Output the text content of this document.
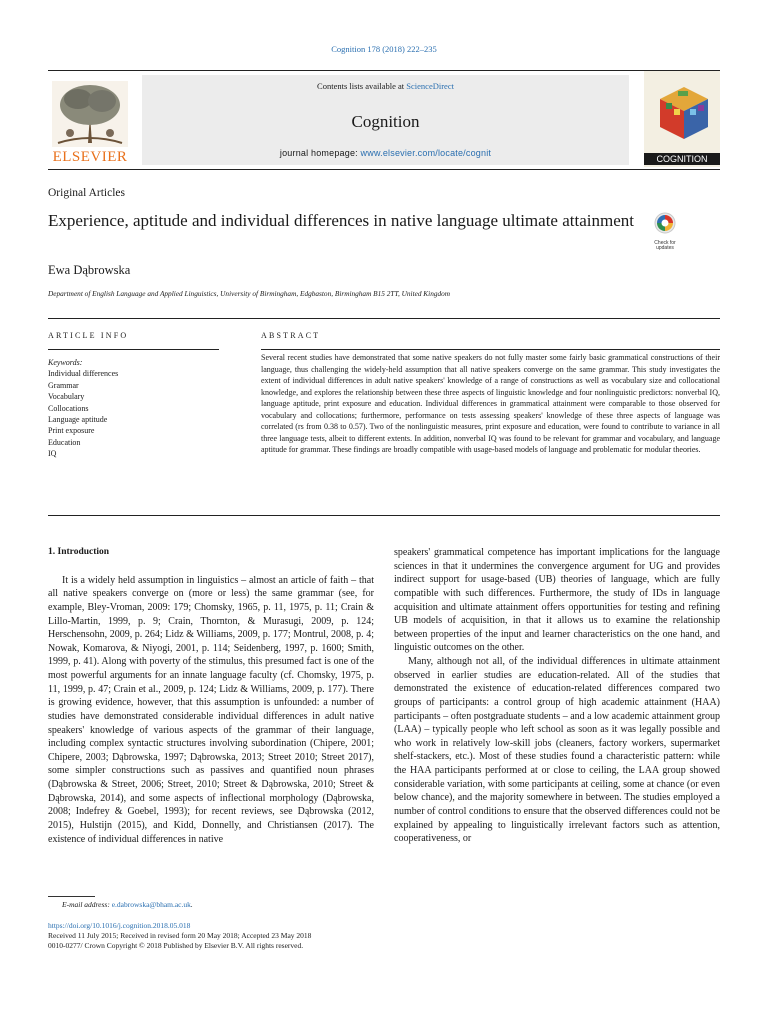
Cognition 178 (2018) 222–235
ELSEVIER
Contents lists available at ScienceDirect
Cognition
journal homepage: www.elsevier.com/locate/cognit
COGNITION
Original Articles
Experience, aptitude and individual differences in native language ultimate attainment
Check for updates
Ewa Dąbrowska
Department of English Language and Applied Linguistics, University of Birmingham, Edgbaston, Birmingham B15 2TT, United Kingdom
ARTICLE INFO	ABSTRACT
Keywords:
Individual differences
Grammar
Vocabulary
Collocations
Language aptitude
Print exposure
Education
IQ
Several recent studies have demonstrated that some native speakers do not fully master some fairly basic grammatical constructions of their language, thus challenging the widely-held assumption that all native speakers converge on the same grammar. This study investigates the extent of individual differences in adult native speakers' knowledge of a range of constructions as well as vocabulary size and collocational knowledge, and explores the relationship between these three aspects of linguistic knowledge and four nonlinguistic predictors: nonverbal IQ, language aptitude, print exposure and education. Individual differences in grammatical attainment were comparable to those observed for vocabulary and collocations; furthermore, performance on tests assessing speakers' knowledge of these three aspects of language was correlated (rs from 0.38 to 0.57). Two of the nonlinguistic measures, print exposure and education, were found to contribute to variance in all three language tests, albeit to different extents. In addition, nonverbal IQ was found to be relevant for grammar and vocabulary, and language aptitude for grammar. These findings are broadly compatible with usage-based models of language and problematic for modular theories.

1. Introduction

It is a widely held assumption in linguistics – almost an article of faith – that all native speakers converge on (more or less) the same grammar (see, for example, Bley-Vroman, 2009: 179; Chomsky, 1965, p. 11, 1975, p. 11; Crain & Lillo-Martin, 1999, p. 9; Crain, Thornton, & Murasugi, 2009, p. 124; Herschensohn, 2009, p. 264; Lidz & Williams, 2009, p. 177; Montrul, 2008, p. 4; Nowak, Komarova, & Niyogi, 2001, p. 114; Seidenberg, 1997, p. 1600; Smith, 1999, p. 41). Along with poverty of the stimulus, this presumed fact is one of the most powerful arguments for an innate language faculty (cf. Chomsky, 1975, p. 11, 1999, p. 47; Crain et al., 2009, p. 124; Lidz & Williams, 2009, p. 177). There is growing evidence, however, that this assumption is unfounded: a number of studies have demonstrated considerable individual differences in adult native speakers' knowledge of various aspects of the grammar of their language, including complex syntactic structures involving subordination (Chipere, 2001; Chipere, 2003; Dąbrowska, 1997; Dąbrowska, 2013; Street 2010; Street 2017), some simpler constructions such as passives and quantified noun phrases (Dąbrowska & Street, 2006; Street, 2010; Street & Dąbrowska, 2010; Street & Dąbrowska, 2014), and some aspects of inflectional morphology (Dąbrowska, 2008; Indefrey & Goebel, 1993); for recent reviews, see Dąbrowska (2012, 2015), Hulstijn (2015), and Kidd, Donnelly, and Christiansen (2017). The existence of individual differences in native

speakers' grammatical competence has important implications for the language sciences in that it undermines the convergence argument for UG and provides indirect support for usage-based (UB) theories of language, which are fully compatible with such differences. Furthermore, the study of IDs in language acquisition and ultimate attainment offers opportunities for testing and refining UB models of acquisition, in that it allows us to examine the relationship between properties of the input and learner characteristics on the one hand, and linguistic outcomes on the other.

Many, although not all, of the individual differences in ultimate attainment observed in earlier studies are education-related. All of the studies that demonstrated the existence of education-related differences compared two groups of participants: a control group of high academic attainment (HAA) participants – often postgraduate students – and a low academic attainment group (LAA) – typically people who left school as soon as it was legally possible and who work in relatively low-skill jobs (cleaners, factory workers, supermarket shelf-stackers, etc.). Most of these studies found a characteristic pattern: while the HAA participants performed at or close to ceiling, the LAA group showed considerable variation, with some participants at ceiling, some at chance (or even below chance), and the majority somewhere in between. The studies employed a number of control conditions to ensure that the observed differences could not be explained by appealing to linguistically irrelevant factors such as attention, cooperativeness, or

E-mail address: e.dabrowska@bham.ac.uk.
https://doi.org/10.1016/j.cognition.2018.05.018
Received 11 July 2015; Received in revised form 20 May 2018; Accepted 23 May 2018
0010-0277/ Crown Copyright © 2018 Published by Elsevier B.V. All rights reserved.
